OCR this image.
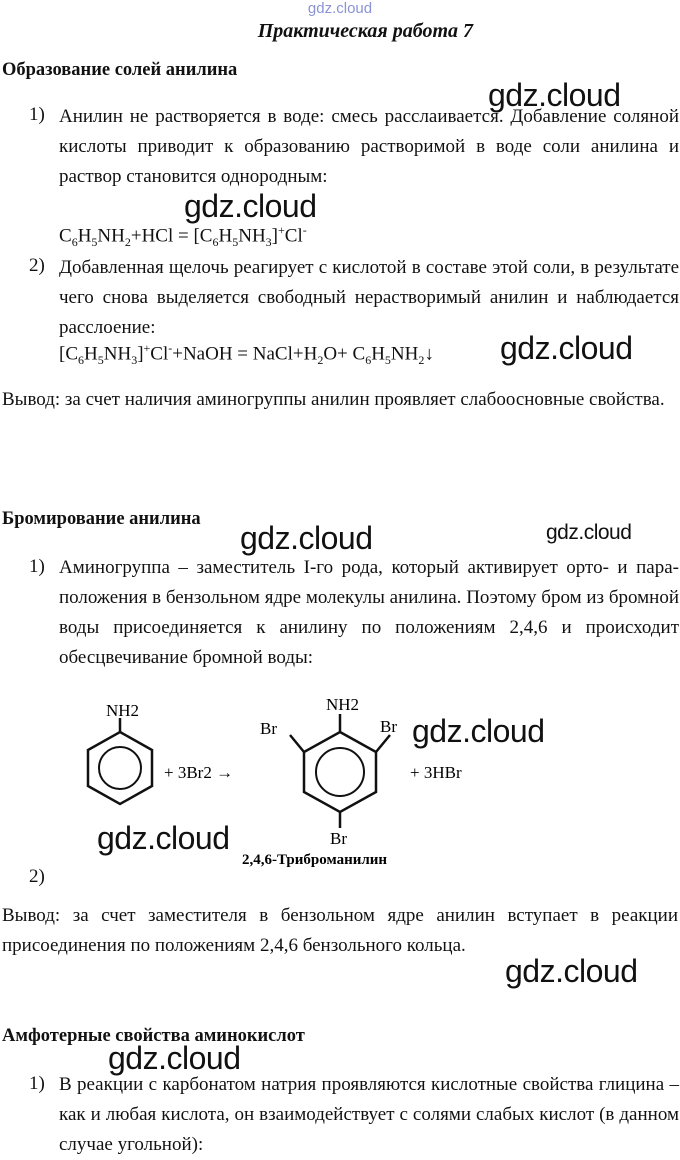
gdz.cloud
Практическая работа 7
Образование солей анилина
1) Анилин не растворяется в воде: смесь расслаивается. Добавление соляной кислоты приводит к образованию растворимой в воде соли анилина и раствор становится однородным:
$C_6H_5NH_2+HCl = [C_6H_5NH_3]^+Cl^-$
2) Добавленная щелочь реагирует с кислотой в составе этой соли, в результате чего снова выделяется свободный нерастворимый анилин и наблюдается расслоение:
$[C_6H_5NH_3]^+Cl^-+NaOH$ = $NaCl+H_2O+$ $C_6H_5NH_2↓$
Вывод: за счет наличия аминогруппы анилин проявляет слабоосновные свойства.
Бромирование анилина
1) Аминогруппа – заместитель I-го рода, который активирует орто- и пара- положения в бензольном ядре молекулы анилина. Поэтому бром из бромной воды присоединяется к анилину по положениям 2,4,6 и происходит обесцвечивание бромной воды:
NH2
+ 3Br2 →
NH2
Br	Br
Br
+ 3HBr
2,4,6-Триброманилин
2)
Вывод: за счет заместителя в бензольном ядре анилин вступает в реакции присоединения по положениям 2,4,6 бензольного кольца.
Амфотерные свойства аминокислот
1) В реакции с карбонатом натрия проявляются кислотные свойства глицина – как и любая кислота, он взаимодействует с солями слабых кислот (в данном случае угольной):
gdz.cloud
gdz.cloud
gdz.cloud
gdz.cloud	gdz.cloud
gdz.cloud
gdz.cloud
gdz.cloud
gdz.cloud
